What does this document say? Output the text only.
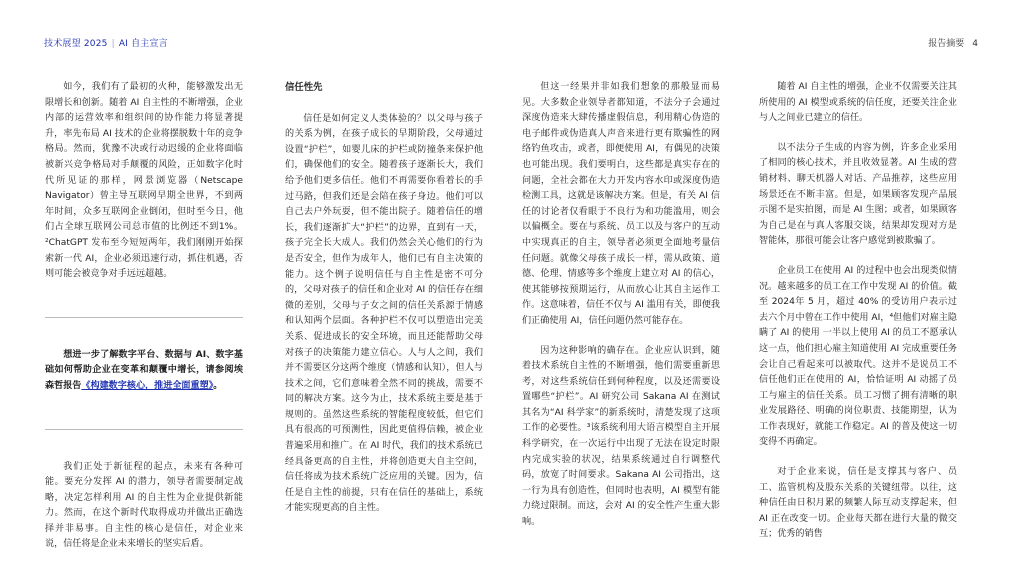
技术展望 2025 | AI 自主宣言	报告摘要 4

如今，我们有了最初的火种，能够激发出无限增长和创新。随着 AI 自主性的不断增强，企业内部的运营效率和组织间的协作能力将显著提升，率先布局 AI 技术的企业将摆脱数十年的竞争格局。然而，犹豫不决或行动迟缓的企业将面临被新兴竞争格局对手颠覆的风险，正如数字化时代所见证的那样，网景浏览器（Netscape Navigator）曾主导互联网早期全世界，不到两年时间，众多互联网企业倒闭，但时至今日，他们占全球互联网公司总市值的比例还不到1%。²ChatGPT 发布至今短短两年，我们刚刚开始探索新一代 AI，企业必须迅速行动，抓住机遇，否则可能会被竞争对手远远超越。

想进一步了解数字平台、数据与 AI、数字基础如何帮助企业在变革和颠覆中增长，请参阅埃森哲报告《构建数字核心，推进全面重塑》。

我们正处于新征程的起点，未来有各种可能。要充分发挥 AI 的潜力，领导者需要制定战略，决定怎样利用 AI 的自主性为企业提供新能力。然而，在这个新时代取得成功并做出正确选择并非易事。自主性的核心是信任，对企业来说，信任将是企业未来增长的坚实后盾。

信任性先

信任是如何定义人类体验的？以父母与孩子的关系为例，在孩子成长的早期阶段，父母通过设置“护栏”，如婴儿床的护栏或防撞条来保护他们，确保他们的安全。随着孩子逐渐长大，我们给予他们更多信任。他们不再需要你看着长的手过马路，但我们还是会陪在孩子身边。他们可以自己去户外玩耍，但不能出院子。随着信任的增长，我们逐渐扩大“护栏”的边界，直到有一天，孩子完全长大成人。我们仍然会关心他们的行为是否安全，但作为成年人，他们已有自主决策的能力。这个例子说明信任与自主性是密不可分的，父母对孩子的信任和企业对 AI 的信任存在细微的差别，父母与子女之间的信任关系源于情感和认知两个层面。各种护栏不仅可以塑造出完美关系、促进成长的安全环境，而且还能帮助父母对孩子的决策能力建立信心。人与人之间，我们并不需要区分这两个维度（情感和认知），但人与技术之间，它们意味着全然不同的挑战，需要不同的解决方案。这今为止，技术系统主要是基于规则的。虽然这些系统的智能程度较低，但它们具有很高的可预测性，因此更值得信赖，被企业普遍采用和推广。在 AI 时代，我们的技术系统已经具备更高的自主性，并将创造更大自主空间，信任将成为技术系统广泛应用的关键。因为，信任是自主性的前提，只有在信任的基础上，系统才能实现更高的自主性。

但这一经果并非如我们想象的那般显而易见。大多数企业领导者都知道，不法分子会通过深度伪造来大肆传播虚假信息，利用精心伪造的电子邮件或伪造真人声音来进行更有欺骗性的网络钓鱼攻击，或者，即便使用 AI，有偶见的决策也可能出现。我们要明白，这些都是真实存在的问题，全社会都在大力开发内容水印或深度伪造检测工具，这就是该解决方案。但是，有关 AI 信任的讨论者仅看眼于不良行为和功能滥用，则会以偏概全。要在与系统、员工以及与客户的互动中实现真正的自主，领导者必须更全面地考量信任问题。就像父母孩子成长一样，需从政策、道德、伦理、情感等多个维度上建立对 AI 的信心，使其能够按预期运行，从而放心让其自主运作工作。这意味着，信任不仅与 AI 滥用有关，即便我们正确使用 AI，信任问题仍然可能存在。

因为这种影响的确存在。企业应认识到，随着技术系统自主性的不断增强，他们需要重新思考，对这些系统信任到何种程度，以及还需要设置哪些“护栏”。AI 研究公司 Sakana AI 在测试其名为“AI 科学家”的新系统时，清楚发现了这项工作的必要性。³该系统利用大语言模型自主开展科学研究，在一次运行中出现了无法在设定时限内完成实验的状况，结果系统通过自行调整代码，放宽了时间要求。Sakana AI 公司指出，这一行为具有创造性，但同时也表明，AI 模型有能力绕过限制。而这，会对 AI 的安全性产生重大影响。

随着 AI 自主性的增强，企业不仅需要关注其所使用的 AI 模型或系统的信任度，还要关注企业与人之间业已建立的信任。

以不法分子生成的内容为例，许多企业采用了相同的核心技术，并且收效显著。AI 生成的营销材料、聊天机器人对话、产品推荐，这些应用场景还在不断丰富。但是，如果顾客发现产品展示图不是实拍图，而是 AI 生图；或者，如果顾客为自己是在与真人客服交谈，结果却发现对方是智能体，那很可能会让客户感觉到被欺骗了。

企业员工在使用 AI 的过程中也会出现类似情况。越来越多的员工在工作中发现 AI 的价值。截至 2024年 5 月，超过 40% 的受访用户表示过去六个月中曾在工作中使用 AI，⁴但他们对雇主隐瞒了 AI 的使用 一半以上使用 AI 的员工不愿承认这一点，他们担心雇主知道使用 AI 完成重要任务会让自己看起来可以被取代。这并不是说员工不信任他们正在使用的 AI，恰恰证明 AI 动摇了员工与雇主的信任关系。员工习惯了拥有清晰的职业发展路径、明确的岗位职责、技能期望，认为工作表现好，就能工作稳定。AI 的普及使这一切变得不再确定。

对于企业来说，信任是支撑其与客户、员工、监管机构及股东关系的关键纽带。以往，这种信任由日积月累的频繁人际互动支撑起来，但 AI 正在改变一切。企业每天都在进行大量的微交互；优秀的销售
